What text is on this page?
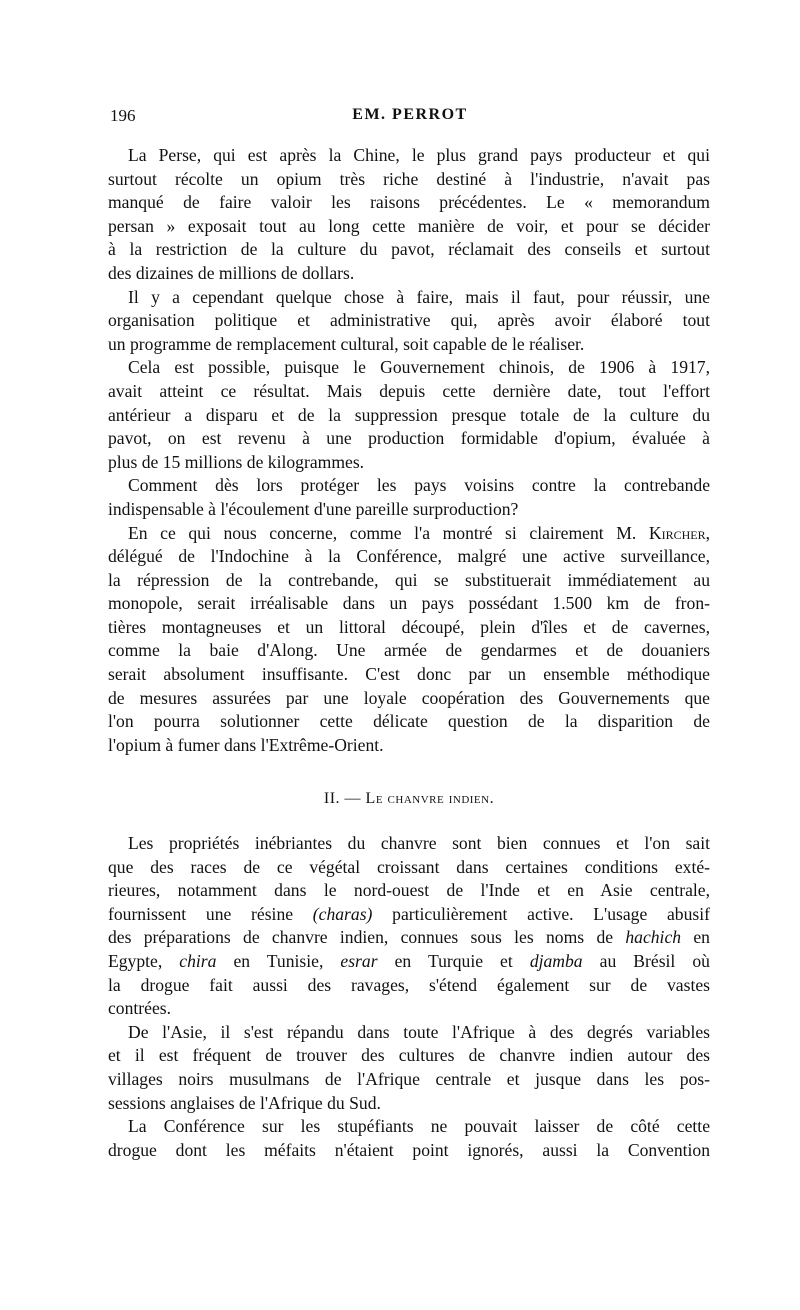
196	EM. PERROT
La Perse, qui est après la Chine, le plus grand pays producteur et qui
surtout récolte un opium très riche destiné à l'industrie, n'avait pas
manqué de faire valoir les raisons précédentes. Le « memorandum
persan » exposait tout au long cette manière de voir, et pour se décider
à la restriction de la culture du pavot, réclamait des conseils et surtout
des dizaines de millions de dollars.
Il y a cependant quelque chose à faire, mais il faut, pour réussir, une
organisation politique et administrative qui, après avoir élaboré tout
un programme de remplacement cultural, soit capable de le réaliser.
Cela est possible, puisque le Gouvernement chinois, de 1906 à 1917,
avait atteint ce résultat. Mais depuis cette dernière date, tout l'effort
antérieur a disparu et de la suppression presque totale de la culture du
pavot, on est revenu à une production formidable d'opium, évaluée à
plus de 15 millions de kilogrammes.
Comment dès lors protéger les pays voisins contre la contrebande
indispensable à l'écoulement d'une pareille surproduction?
En ce qui nous concerne, comme l'a montré si clairement M. Kircher,
délégué de l'Indochine à la Conférence, malgré une active surveillance,
la répression de la contrebande, qui se substituerait immédiatement au
monopole, serait irréalisable dans un pays possédant 1.500 km de fron-
tières montagneuses et un littoral découpé, plein d'îles et de cavernes,
comme la baie d'Along. Une armée de gendarmes et de douaniers
serait absolument insuffisante. C'est donc par un ensemble méthodique
de mesures assurées par une loyale coopération des Gouvernements que
l'on pourra solutionner cette délicate question de la disparition de
l'opium à fumer dans l'Extrême-Orient.
II. — Le chanvre indien.
Les propriétés inébriantes du chanvre sont bien connues et l'on sait
que des races de ce végétal croissant dans certaines conditions exté-
rieures, notamment dans le nord-ouest de l'Inde et en Asie centrale,
fournissent une résine (charas) particulièrement active. L'usage abusif
des préparations de chanvre indien, connues sous les noms de hachich en
Egypte, chira en Tunisie, esrar en Turquie et djamba au Brésil où
la drogue fait aussi des ravages, s'étend également sur de vastes
contrées.
De l'Asie, il s'est répandu dans toute l'Afrique à des degrés variables
et il est fréquent de trouver des cultures de chanvre indien autour des
villages noirs musulmans de l'Afrique centrale et jusque dans les pos-
sessions anglaises de l'Afrique du Sud.
La Conférence sur les stupéfiants ne pouvait laisser de côté cette
drogue dont les méfaits n'étaient point ignorés, aussi la Convention
